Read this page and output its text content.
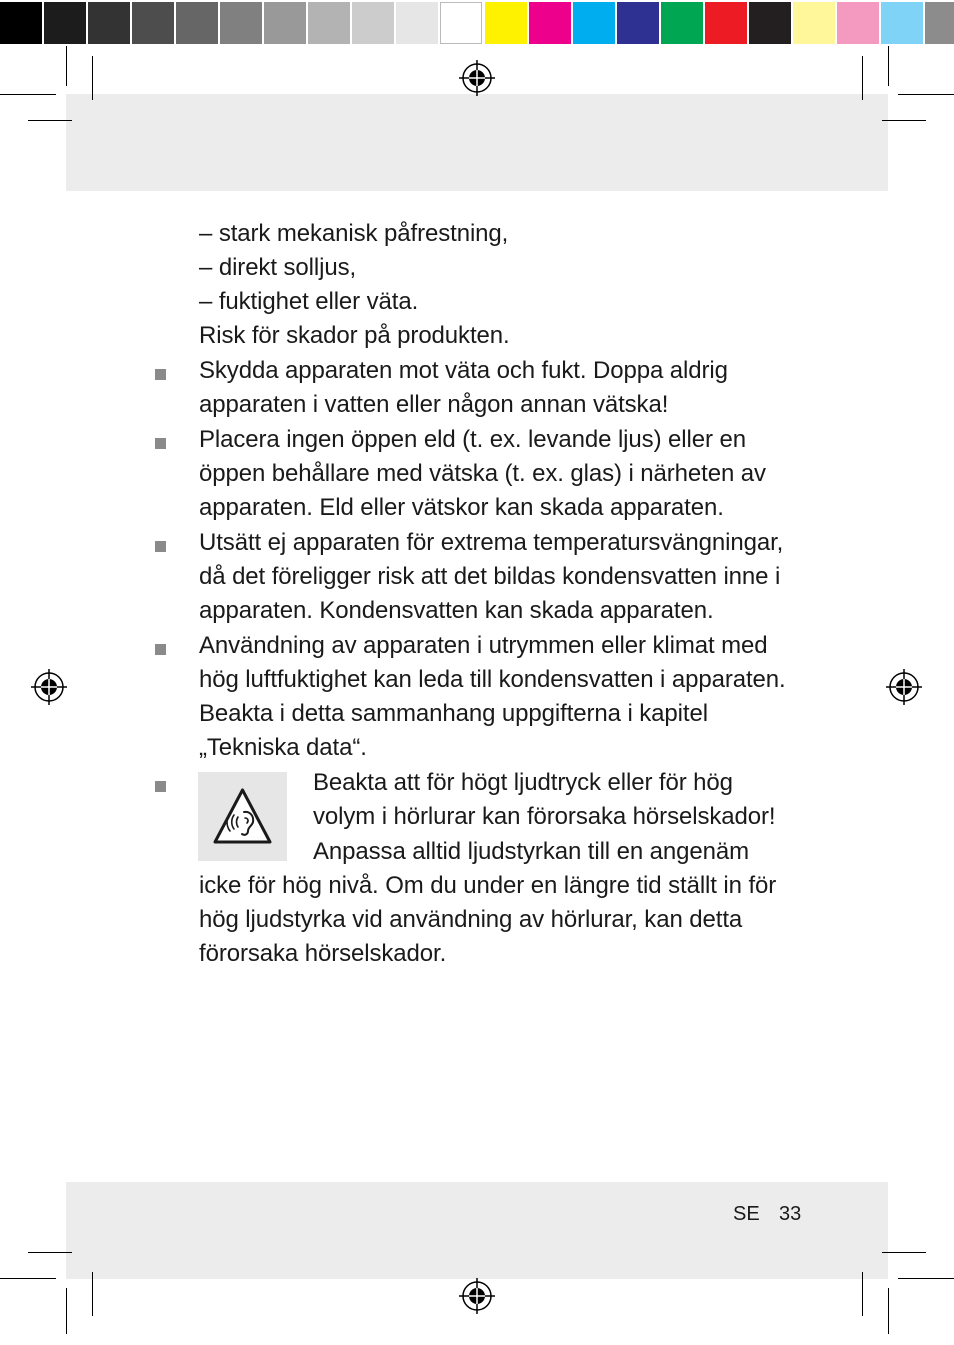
– stark mekanisk påfrestning,
– direkt solljus,
– fuktighet eller väta.
Risk för skador på produkten.
Skydda apparaten mot väta och fukt. Doppa aldrig
apparaten i vatten eller någon annan vätska!
Placera ingen öppen eld (t. ex. levande ljus) eller en
öppen behållare med vätska (t. ex. glas) i närheten av
apparaten. Eld eller vätskor kan skada apparaten.
Utsätt ej apparaten för extrema temperatursvängningar,
då det föreligger risk att det bildas kondensvatten inne i
apparaten. Kondensvatten kan skada apparaten.
Användning av apparaten i utrymmen eller klimat med
hög luftfuktighet kan leda till kondensvatten i apparaten.
Beakta i detta sammanhang uppgifterna i kapitel
„Tekniska data“.
Beakta att för högt ljudtryck eller för hög
volym i hörlurar kan förorsaka hörselskador!
Anpassa alltid ljudstyrkan till en angenäm
icke för hög nivå. Om du under en längre tid ställt in för
hög ljudstyrka vid användning av hörlurar, kan detta
förorsaka hörselskador.
SE 33
